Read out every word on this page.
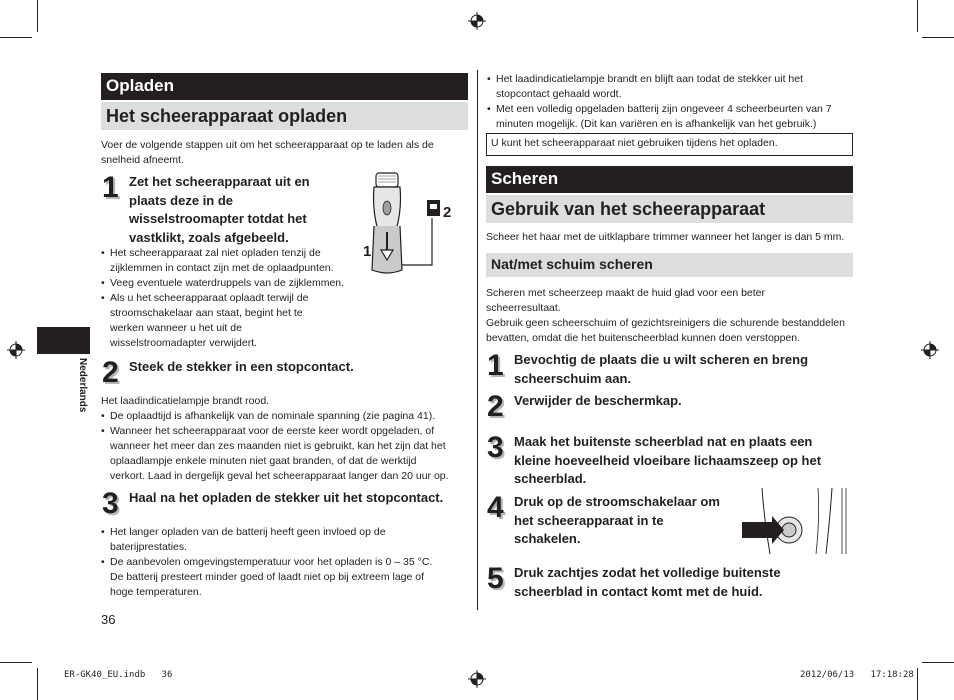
Nederlands
Opladen
Het scheerapparaat opladen
Voer de volgende stappen uit om het scheerapparaat op te laden als de snelheid afneemt.
1 Zet het scheerapparaat uit en
plaats deze in de
wisselstroomapter totdat het
vastklikt, zoals afgebeeld.
1
2
• Het scheerapparaat zal niet opladen tenzij de
zijklemmen in contact zijn met de oplaadpunten.
• Veeg eventuele waterdruppels van de zijklemmen.
• Als u het scheerapparaat oplaadt terwijl de
stroomschakelaar aan staat, begint het te
werken wanneer u het uit de
wisselstroomadapter verwijdert.
2 Steek de stekker in een stopcontact.
Het laadindicatielampje brandt rood.
• De oplaadtijd is afhankelijk van de nominale spanning (zie pagina 41).
• Wanneer het scheerapparaat voor de eerste keer wordt opgeladen, of
wanneer het meer dan zes maanden niet is gebruikt, kan het zijn dat het
oplaadlampje enkele minuten niet gaat branden, of dat de werktijd
verkort. Laad in dergelijk geval het scheerapparaat langer dan 20 uur op.
3 Haal na het opladen de stekker uit het stopcontact.
• Het langer opladen van de batterij heeft geen invloed op de
baterijprestaties.
• De aanbevolen omgevingstemperatuur voor het opladen is 0 – 35 °C.
De batterij presteert minder goed of laadt niet op bij extreem lage of
hoge temperaturen.
36
• Het laadindicatielampje brandt en blijft aan todat de stekker uit het
stopcontact gehaald wordt.
• Met een volledig opgeladen batterij zijn ongeveer 4 scheerbeurten van 7
minuten mogelijk. (Dit kan variëren en is afhankelijk van het gebruik.)
U kunt het scheerapparaat niet gebruiken tijdens het opladen.
Scheren
Gebruik van het scheerapparaat
Scheer het haar met de uitklapbare trimmer wanneer het langer is dan 5 mm.
Nat/met schuim scheren
Scheren met scheerzeep maakt de huid glad voor een beter
scheerresultaat.
Gebruik geen scheerschuim of gezichtsreinigers die schurende bestanddelen
bevatten, omdat die het buitenscheerblad kunnen doen verstoppen.
1 Bevochtig de plaats die u wilt scheren en breng
scheerschuim aan.
2 Verwijder de beschermkap.
3 Maak het buitenste scheerblad nat en plaats een
kleine hoeveelheid vloeibare lichaamszeep op het
scheerblad.
4 Druk op de stroomschakelaar om
het scheerapparaat in te
schakelen.
5 Druk zachtjes zodat het volledige buitenste
scheerblad in contact komt met de huid.
ER-GK40_EU.indb   36	2012/06/13   17:18:28
